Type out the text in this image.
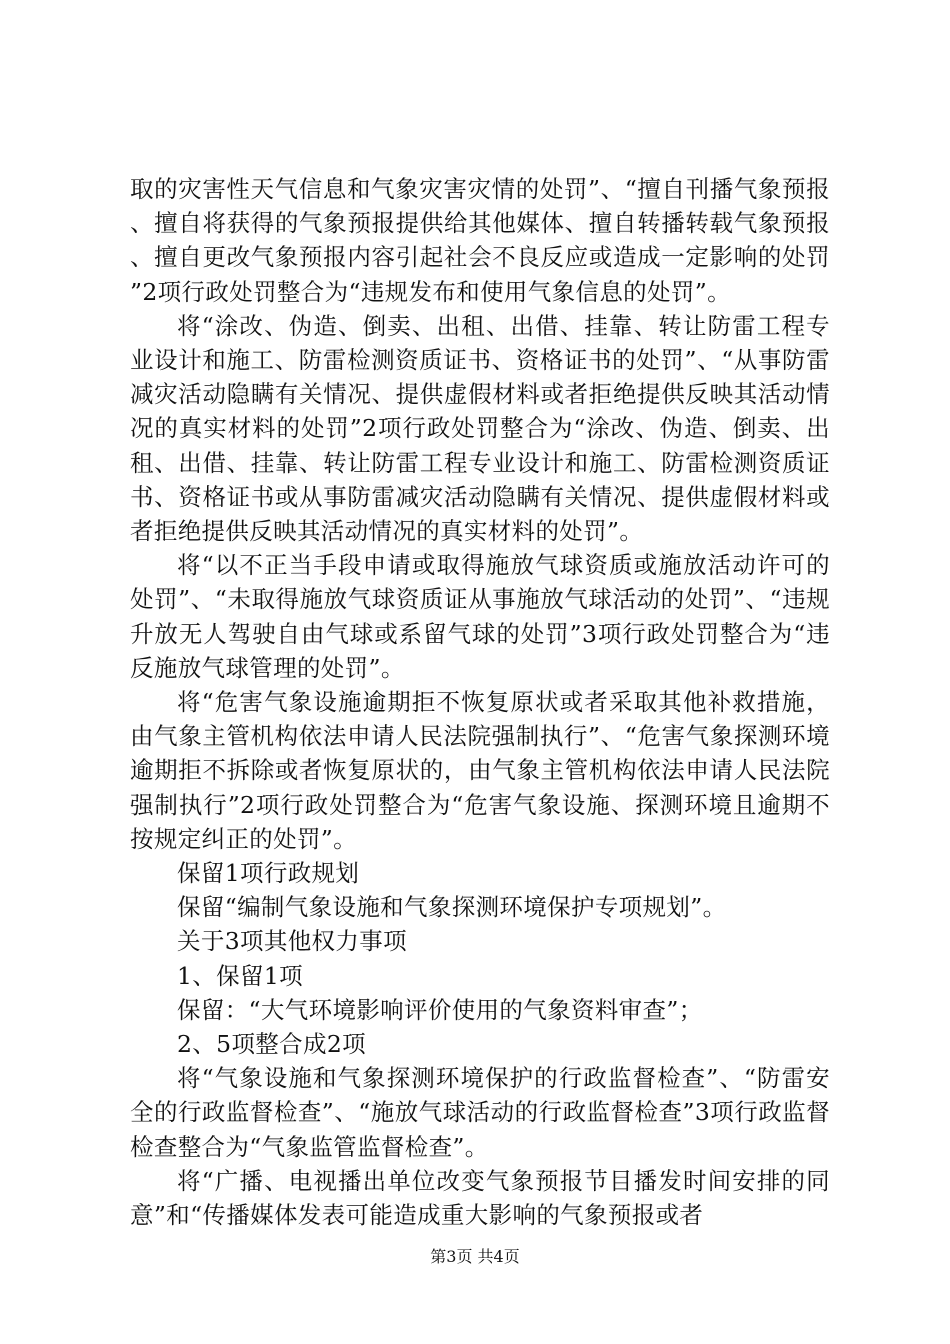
取的灾害性天气信息和气象灾害灾情的处罚”、“擅自刊播气象预报、擅自将获得的气象预报提供给其他媒体、擅自转播转载气象预报、擅自更改气象预报内容引起社会不良反应或造成一定影响的处罚”2项行政处罚整合为“违规发布和使用气象信息的处罚”。

将“涂改、伪造、倒卖、出租、出借、挂靠、转让防雷工程专业设计和施工、防雷检测资质证书、资格证书的处罚”、“从事防雷减灾活动隐瞒有关情况、提供虚假材料或者拒绝提供反映其活动情况的真实材料的处罚”2项行政处罚整合为“涂改、伪造、倒卖、出租、出借、挂靠、转让防雷工程专业设计和施工、防雷检测资质证书、资格证书或从事防雷减灾活动隐瞒有关情况、提供虚假材料或者拒绝提供反映其活动情况的真实材料的处罚”。

将“以不正当手段申请或取得施放气球资质或施放活动许可的处罚”、“未取得施放气球资质证从事施放气球活动的处罚”、“违规升放无人驾驶自由气球或系留气球的处罚”3项行政处罚整合为“违反施放气球管理的处罚”。

将“危害气象设施逾期拒不恢复原状或者采取其他补救措施，由气象主管机构依法申请人民法院强制执行”、“危害气象探测环境逾期拒不拆除或者恢复原状的，由气象主管机构依法申请人民法院强制执行”2项行政处罚整合为“危害气象设施、探测环境且逾期不按规定纠正的处罚”。

保留1项行政规划

保留“编制气象设施和气象探测环境保护专项规划”。

关于3项其他权力事项

1、保留1项

保留：“大气环境影响评价使用的气象资料审查”；

2、5项整合成2项

将“气象设施和气象探测环境保护的行政监督检查”、“防雷安全的行政监督检查”、“施放气球活动的行政监督检查”3项行政监督检查整合为“气象监管监督检查”。

将“广播、电视播出单位改变气象预报节目播发时间安排的同意”和“传播媒体发表可能造成重大影响的气象预报或者

第3页 共4页
